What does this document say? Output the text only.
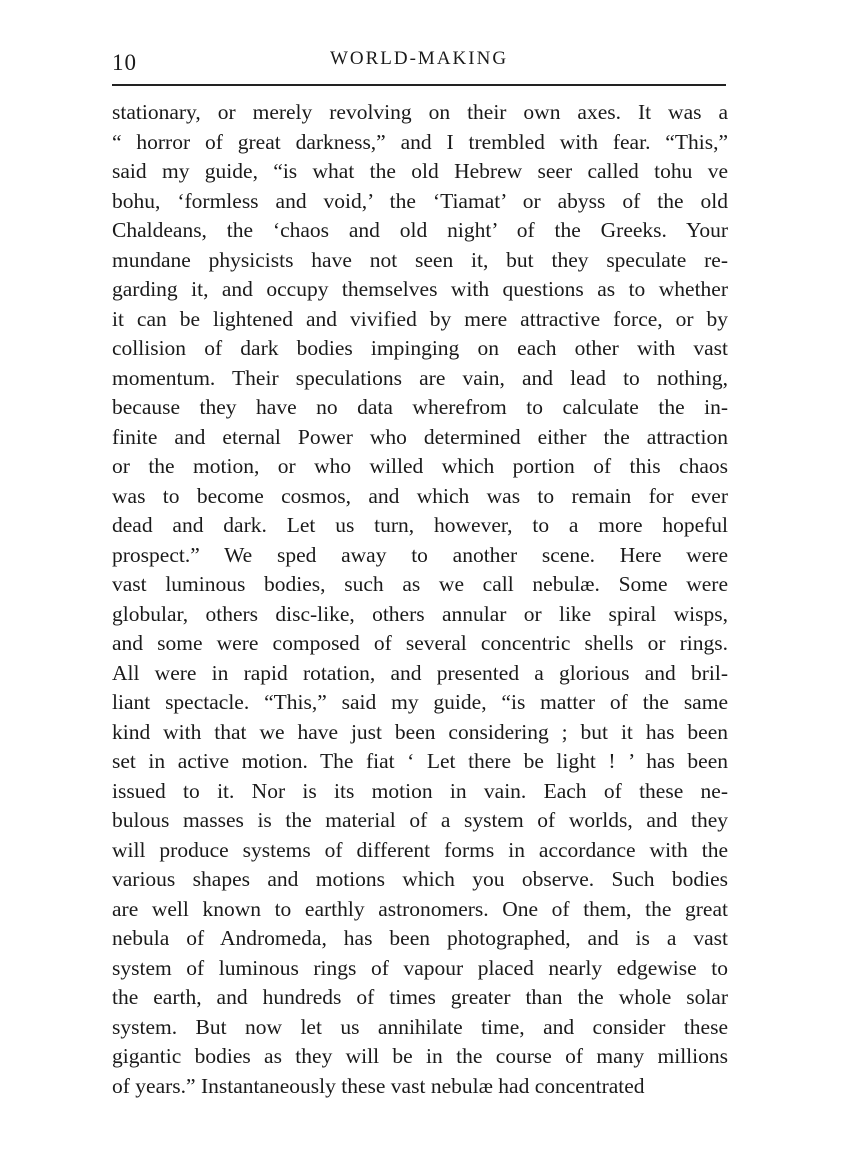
10	WORLD-MAKING
stationary, or merely revolving on their own axes. It was a
“ horror of great darkness,” and I trembled with fear. “This,”
said my guide, “is what the old Hebrew seer called tohu ve
bohu, ‘formless and void,’ the ‘Tiamat’ or abyss of the old
Chaldeans, the ‘chaos and old night’ of the Greeks. Your
mundane physicists have not seen it, but they speculate re-
garding it, and occupy themselves with questions as to whether
it can be lightened and vivified by mere attractive force, or by
collision of dark bodies impinging on each other with vast
momentum. Their speculations are vain, and lead to nothing,
because they have no data wherefrom to calculate the in-
finite and eternal Power who determined either the attraction
or the motion, or who willed which portion of this chaos
was to become cosmos, and which was to remain for ever
dead and dark. Let us turn, however, to a more hopeful
prospect.” We sped away to another scene. Here were
vast luminous bodies, such as we call nebulæ. Some were
globular, others disc-like, others annular or like spiral wisps,
and some were composed of several concentric shells or rings.
All were in rapid rotation, and presented a glorious and bril-
liant spectacle. “This,” said my guide, “is matter of the same
kind with that we have just been considering ; but it has been
set in active motion. The fiat ‘ Let there be light ! ’ has been
issued to it. Nor is its motion in vain. Each of these ne-
bulous masses is the material of a system of worlds, and they
will produce systems of different forms in accordance with the
various shapes and motions which you observe. Such bodies
are well known to earthly astronomers. One of them, the great
nebula of Andromeda, has been photographed, and is a vast
system of luminous rings of vapour placed nearly edgewise to
the earth, and hundreds of times greater than the whole solar
system. But now let us annihilate time, and consider these
gigantic bodies as they will be in the course of many millions
of years.” Instantaneously these vast nebulæ had concentrated
